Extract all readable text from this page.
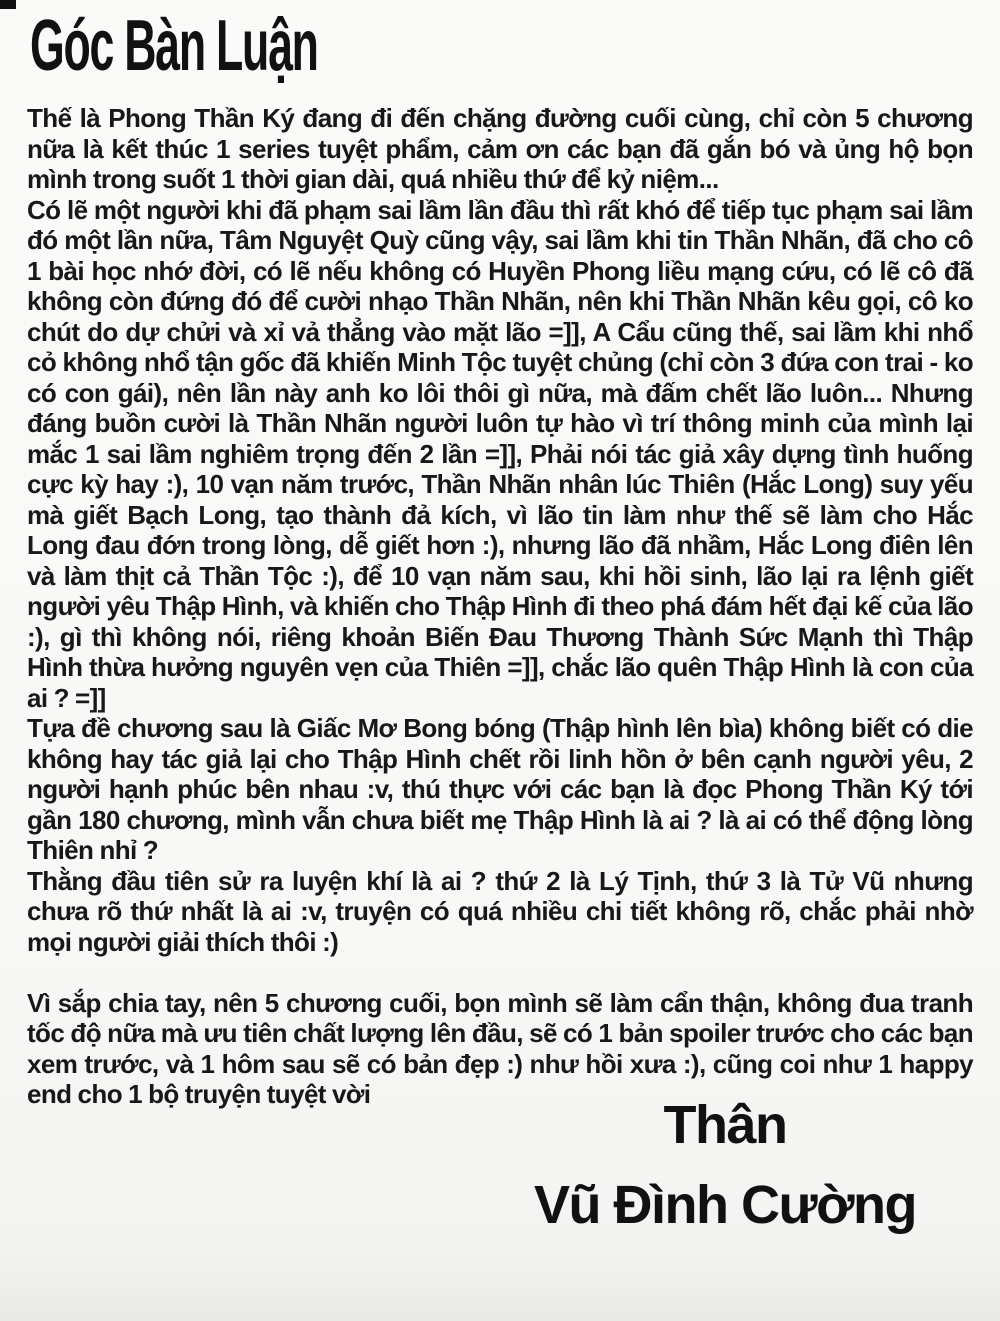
Góc Bàn Luận

Thế là Phong Thần Ký đang đi đến chặng đường cuối cùng, chỉ còn 5 chương nữa là kết thúc 1 series tuyệt phẩm, cảm ơn các bạn đã gắn bó và ủng hộ bọn mình trong suốt 1 thời gian dài, quá nhiều thứ để kỷ niệm...

Có lẽ một người khi đã phạm sai lầm lần đầu thì rất khó để tiếp tục phạm sai lầm đó một lần nữa, Tâm Nguyệt Quỳ cũng vậy, sai lầm khi tin Thần Nhãn, đã cho cô 1 bài học nhớ đời, có lẽ nếu không có Huyền Phong liều mạng cứu, có lẽ cô đã không còn đứng đó để cười nhạo Thần Nhãn, nên khi Thần Nhãn kêu gọi, cô ko chút do dự chửi và xỉ vả thẳng vào mặt lão =]], A Cẩu cũng thế, sai lầm khi nhổ cỏ không nhổ tận gốc đã khiến Minh Tộc tuyệt chủng (chỉ còn 3 đứa con trai - ko có con gái), nên lần này anh ko lôi thôi gì nữa, mà đấm chết lão luôn... Nhưng đáng buồn cười là Thần Nhãn người luôn tự hào vì trí thông minh của mình lại mắc 1 sai lầm nghiêm trọng đến 2 lần =]], Phải nói tác giả xây dựng tình huống cực kỳ hay :), 10 vạn năm trước, Thần Nhãn nhân lúc Thiên (Hắc Long) suy yếu mà giết Bạch Long, tạo thành đả kích, vì lão tin làm như thế sẽ làm cho Hắc Long đau đớn trong lòng, dễ giết hơn :), nhưng lão đã nhầm, Hắc Long điên lên và làm thịt cả Thần Tộc :), để 10 vạn năm sau, khi hồi sinh, lão lại ra lệnh giết người yêu Thập Hình, và khiến cho Thập Hình đi theo phá đám hết đại kế của lão :), gì thì không nói, riêng khoản Biến Đau Thương Thành Sức Mạnh thì Thập Hình thừa hưởng nguyên vẹn của Thiên =]], chắc lão quên Thập Hình là con của ai ? =]]

Tựa đề chương sau là Giấc Mơ Bong bóng (Thập hình lên bìa) không biết có die không hay tác giả lại cho Thập Hình chết rồi linh hồn ở bên cạnh người yêu, 2 người hạnh phúc bên nhau :v, thú thực với các bạn là đọc Phong Thần Ký tới gần 180 chương, mình vẫn chưa biết mẹ Thập Hình là ai ? là ai có thể động lòng Thiên nhỉ ?

Thằng đầu tiên sử ra luyện khí là ai ? thứ 2 là Lý Tịnh, thứ 3 là Tử Vũ nhưng chưa rõ thứ nhất là ai :v, truyện có quá nhiều chi tiết không rõ, chắc phải nhờ mọi người giải thích thôi :)

Vì sắp chia tay, nên 5 chương cuối, bọn mình sẽ làm cẩn thận, không đua tranh tốc độ nữa mà ưu tiên chất lượng lên đầu, sẽ có 1 bản spoiler trước cho các bạn xem trước, và 1 hôm sau sẽ có bản đẹp :) như hồi xưa :), cũng coi như 1 happy end cho 1 bộ truyện tuyệt vời

Thân
Vũ Đình Cường
